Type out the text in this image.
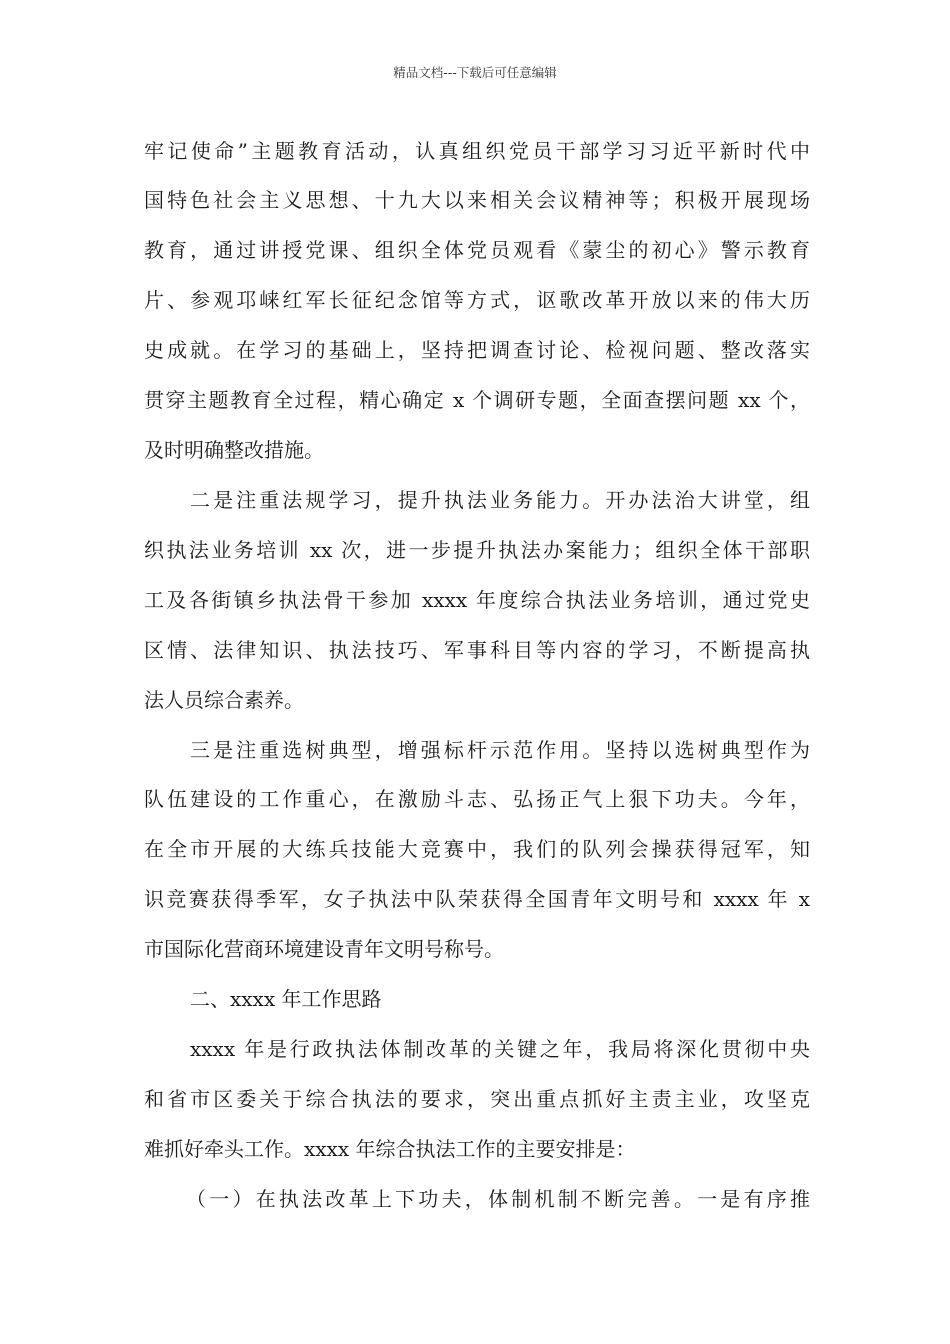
精品文档---下载后可任意编辑
牢记使命”主题教育活动，认真组织党员干部学习习近平新时代中
国特色社会主义思想、十九大以来相关会议精神等；积极开展现场
教育，通过讲授党课、组织全体党员观看《蒙尘的初心》警示教育
片、参观邛崃红军长征纪念馆等方式，讴歌改革开放以来的伟大历
史成就。在学习的基础上，坚持把调查讨论、检视问题、整改落实
贯穿主题教育全过程，精心确定 x 个调研专题，全面查摆问题 xx 个，
及时明确整改措施。
二是注重法规学习，提升执法业务能力。开办法治大讲堂，组
织执法业务培训 xx 次，进一步提升执法办案能力；组织全体干部职
工及各街镇乡执法骨干参加 xxxx 年度综合执法业务培训，通过党史
区情、法律知识、执法技巧、军事科目等内容的学习，不断提高执
法人员综合素养。
三是注重选树典型，增强标杆示范作用。坚持以选树典型作为
队伍建设的工作重心，在激励斗志、弘扬正气上狠下功夫。今年，
在全市开展的大练兵技能大竞赛中，我们的队列会操获得冠军，知
识竞赛获得季军，女子执法中队荣获得全国青年文明号和 xxxx 年 x
市国际化营商环境建设青年文明号称号。
二、xxxx 年工作思路
xxxx 年是行政执法体制改革的关键之年，我局将深化贯彻中央
和省市区委关于综合执法的要求，突出重点抓好主责主业，攻坚克
难抓好牵头工作。xxxx 年综合执法工作的主要安排是：
（一）在执法改革上下功夫，体制机制不断完善。一是有序推
